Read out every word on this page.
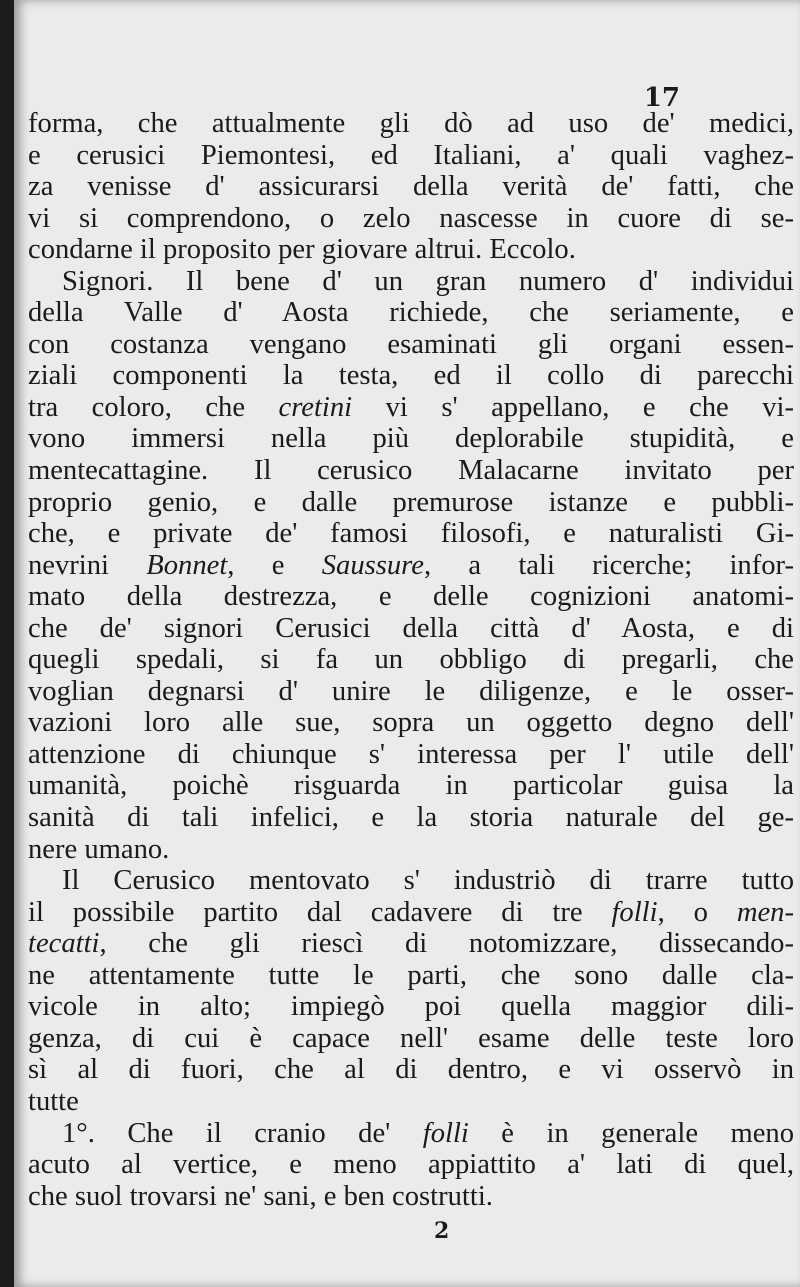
17
forma, che attualmente gli dò ad uso de' medici,
e cerusici Piemontesi, ed Italiani, a' quali vaghez-
za venisse d' assicurarsi della verità de' fatti, che
vi si comprendono, o zelo nascesse in cuore di se-
condarne il proposito per giovare altrui. Eccolo.
Signori. Il bene d' un gran numero d' individui
della Valle d' Aosta richiede, che seriamente, e
con costanza vengano esaminati gli organi essen-
ziali componenti la testa, ed il collo di parecchi
tra coloro, che cretini vi s' appellano, e che vi-
vono immersi nella più deplorabile stupidità, e
mentecattagine. Il cerusico Malacarne invitato per
proprio genio, e dalle premurose istanze e pubbli-
che, e private de' famosi filosofi, e naturalisti Gi-
nevrini Bonnet, e Saussure, a tali ricerche; infor-
mato della destrezza, e delle cognizioni anatomi-
che de' signori Cerusici della città d' Aosta, e di
quegli spedali, si fa un obbligo di pregarli, che
voglian degnarsi d' unire le diligenze, e le osser-
vazioni loro alle sue, sopra un oggetto degno dell'
attenzione di chiunque s' interessa per l' utile dell'
umanità, poichè risguarda in particolar guisa la
sanità di tali infelici, e la storia naturale del ge-
nere umano.
Il Cerusico mentovato s' industriò di trarre tutto
il possibile partito dal cadavere di tre folli, o men-
tecatti, che gli riescì di notomizzare, dissecando-
ne attentamente tutte le parti, che sono dalle cla-
vicole in alto; impiegò poi quella maggior dili-
genza, di cui è capace nell' esame delle teste loro
sì al di fuori, che al di dentro, e vi osservò in
tutte
1°. Che il cranio de' folli è in generale meno
acuto al vertice, e meno appiattito a' lati di quel,
che suol trovarsi ne' sani, e ben costrutti.
2
